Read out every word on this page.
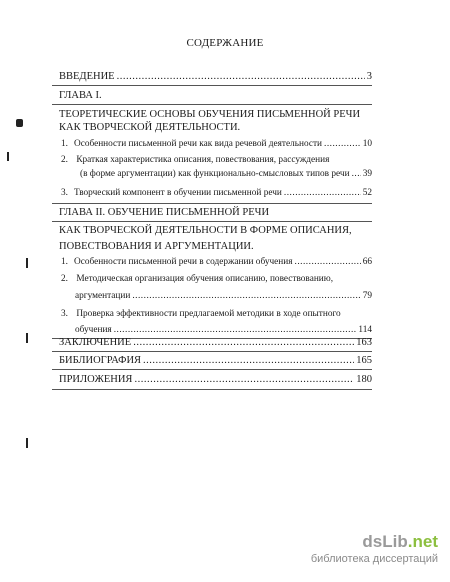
СОДЕРЖАНИЕ
ВВЕДЕНИЕ .....	3
ГЛАВА I.
ТЕОРЕТИЧЕСКИЕ ОСНОВЫ ОБУЧЕНИЯ ПИСЬМЕННОЙ РЕЧИ
КАК ТВОРЧЕСКОЙ ДЕЯТЕЛЬНОСТИ.
1. Особенности письменной речи как вида речевой деятельности .....	10
2. Краткая характеристика описания, повествования, рассуждения
(в форме аргументации) как функционально-смысловых типов речи ..... 39
3. Творческий компонент в обучении письменной речи .....	52
ГЛАВА II. ОБУЧЕНИЕ ПИСЬМЕННОЙ РЕЧИ
КАК ТВОРЧЕСКОЙ ДЕЯТЕЛЬНОСТИ В ФОРМЕ ОПИСАНИЯ,
ПОВЕСТВОВАНИЯ И АРГУМЕНТАЦИИ.
1. Особенности письменной речи в содержании обучения .....	66
2. Методическая организация обучения описанию, повествованию,
аргументации .....	79
3. Проверка эффективности предлагаемой методики в ходе опытного
обучения .....	114
ЗАКЛЮЧЕНИЕ .....	163
БИБЛИОГРАФИЯ .....	165
ПРИЛОЖЕНИЯ .....	180
dsLib.net
библиотека диссертаций
